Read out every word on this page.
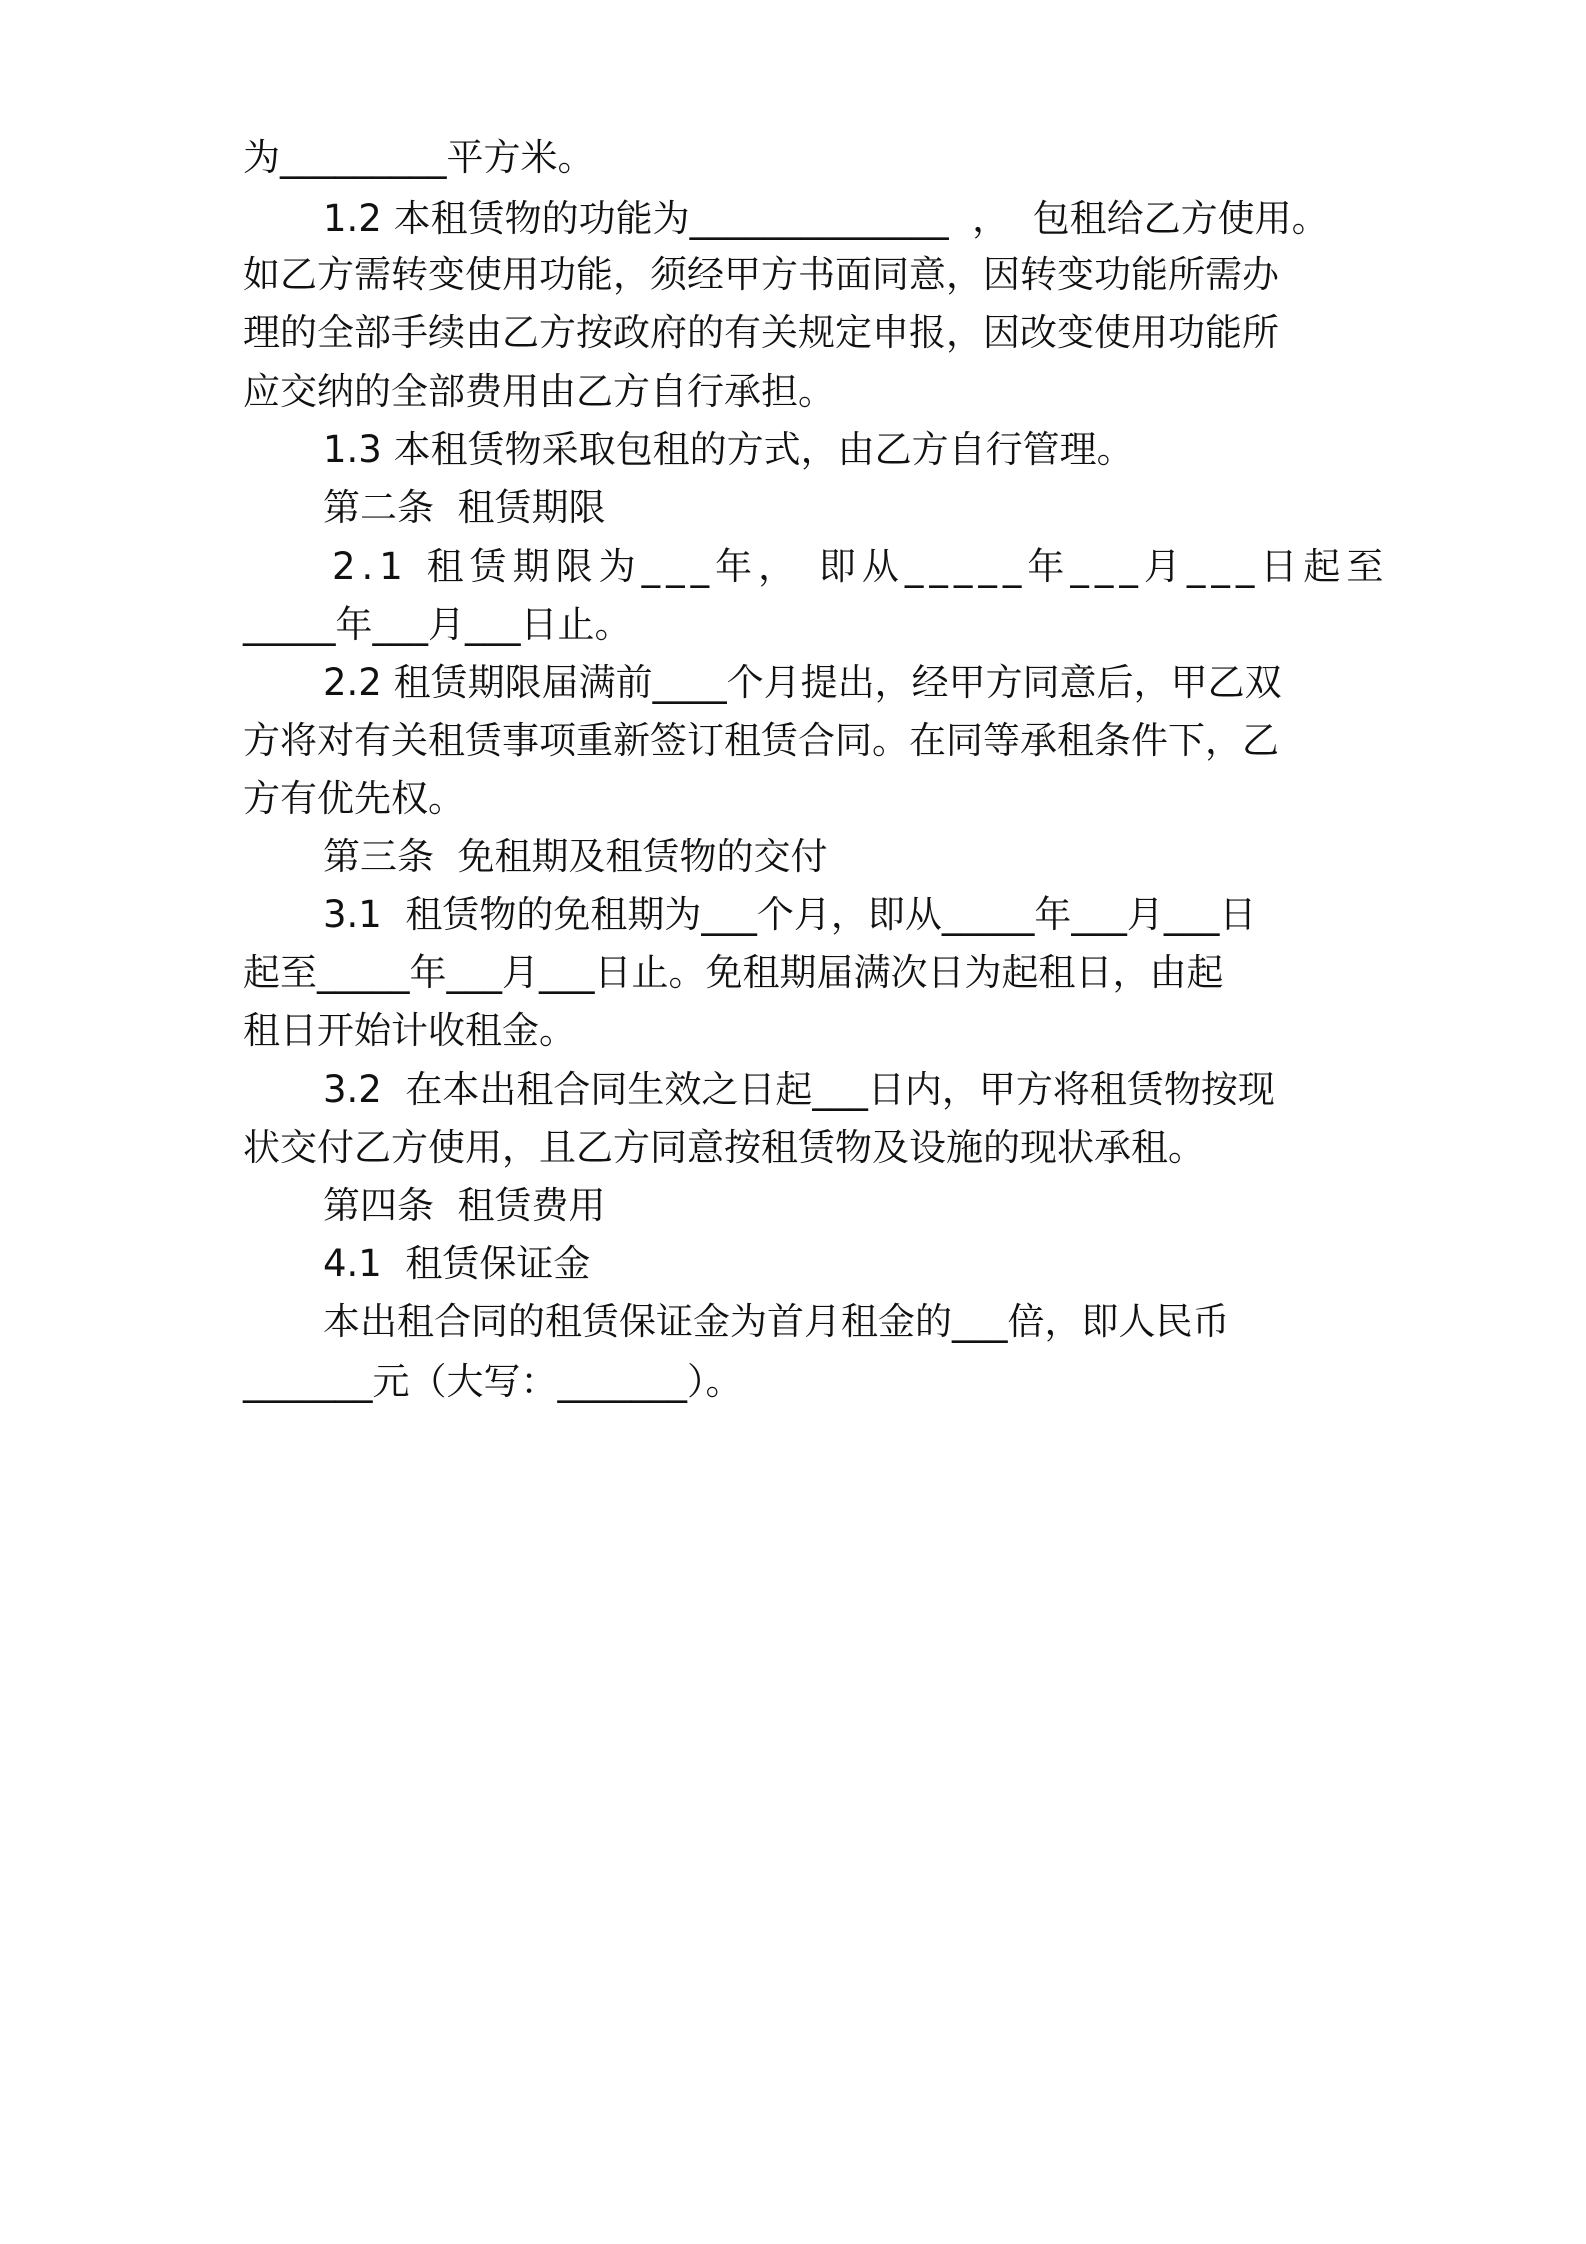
为_________平方米。
1.2 本租赁物的功能为______________  ，  包租给乙方使用。
如乙方需转变使用功能，须经甲方书面同意，因转变功能所需办
理的全部手续由乙方按政府的有关规定申报，因改变使用功能所
应交纳的全部费用由乙方自行承担。
1.3 本租赁物采取包租的方式，由乙方自行管理。
第二条  租赁期限
2.1 租赁期限为___年， 即从_____年___月___日起至
_____年___月___日止。
2.2 租赁期限届满前____个月提出，经甲方同意后，甲乙双
方将对有关租赁事项重新签订租赁合同。在同等承租条件下，乙
方有优先权。
第三条  免租期及租赁物的交付
3.1  租赁物的免租期为___个月，即从_____年___月___日
起至_____年___月___日止。免租期届满次日为起租日，由起
租日开始计收租金。
3.2  在本出租合同生效之日起___日内，甲方将租赁物按现
状交付乙方使用，且乙方同意按租赁物及设施的现状承租。
第四条  租赁费用
4.1  租赁保证金
本出租合同的租赁保证金为首月租金的___倍，即人民币
_______元（大写：_______）。
